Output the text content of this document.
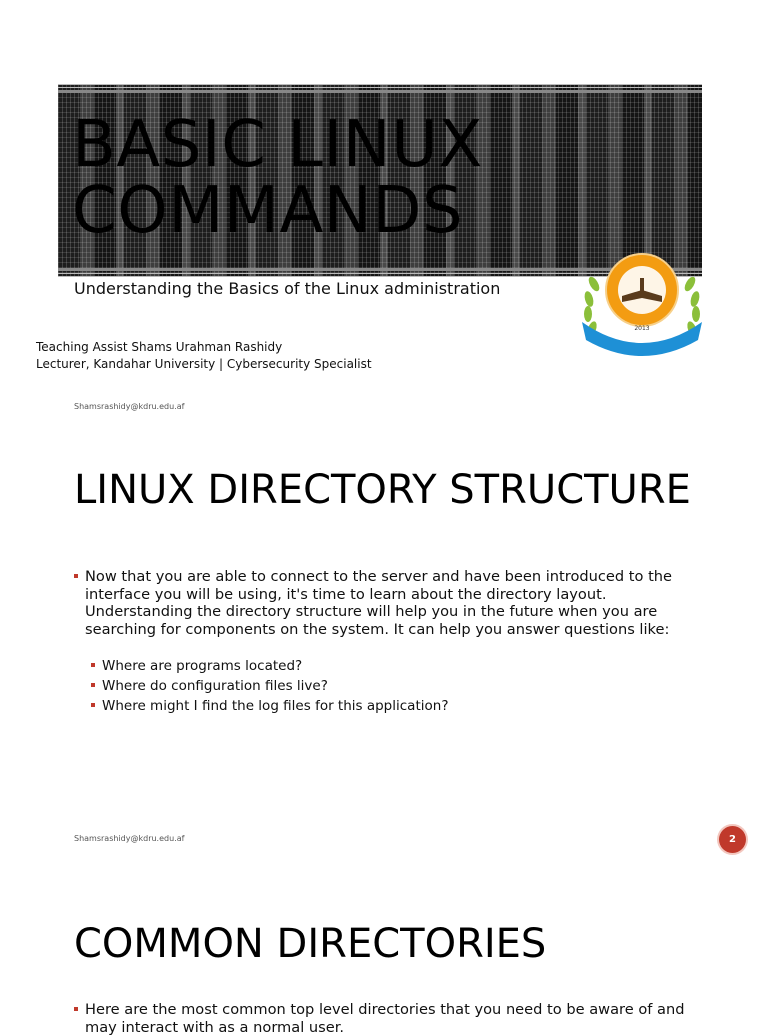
BASIC LINUX COMMANDS
Understanding the Basics of the Linux administration
Teaching Assist Shams Urahman Rashidy
Lecturer, Kandahar University | Cybersecurity Specialist
Shamsrashidy@kdru.edu.af
2013
LINUX DIRECTORY STRUCTURE
Now that you are able to connect to the server and have been introduced to the interface you will be using, it's time to learn about the directory layout. Understanding the directory structure will help you in the future when you are searching for components on the system. It can help you answer questions like:
Where are programs located?
Where do configuration files live?
Where might I find the log files for this application?
Shamsrashidy@kdru.edu.af	2
COMMON DIRECTORIES
Here are the most common top level directories that you need to be aware of and may interact with as a normal user.
